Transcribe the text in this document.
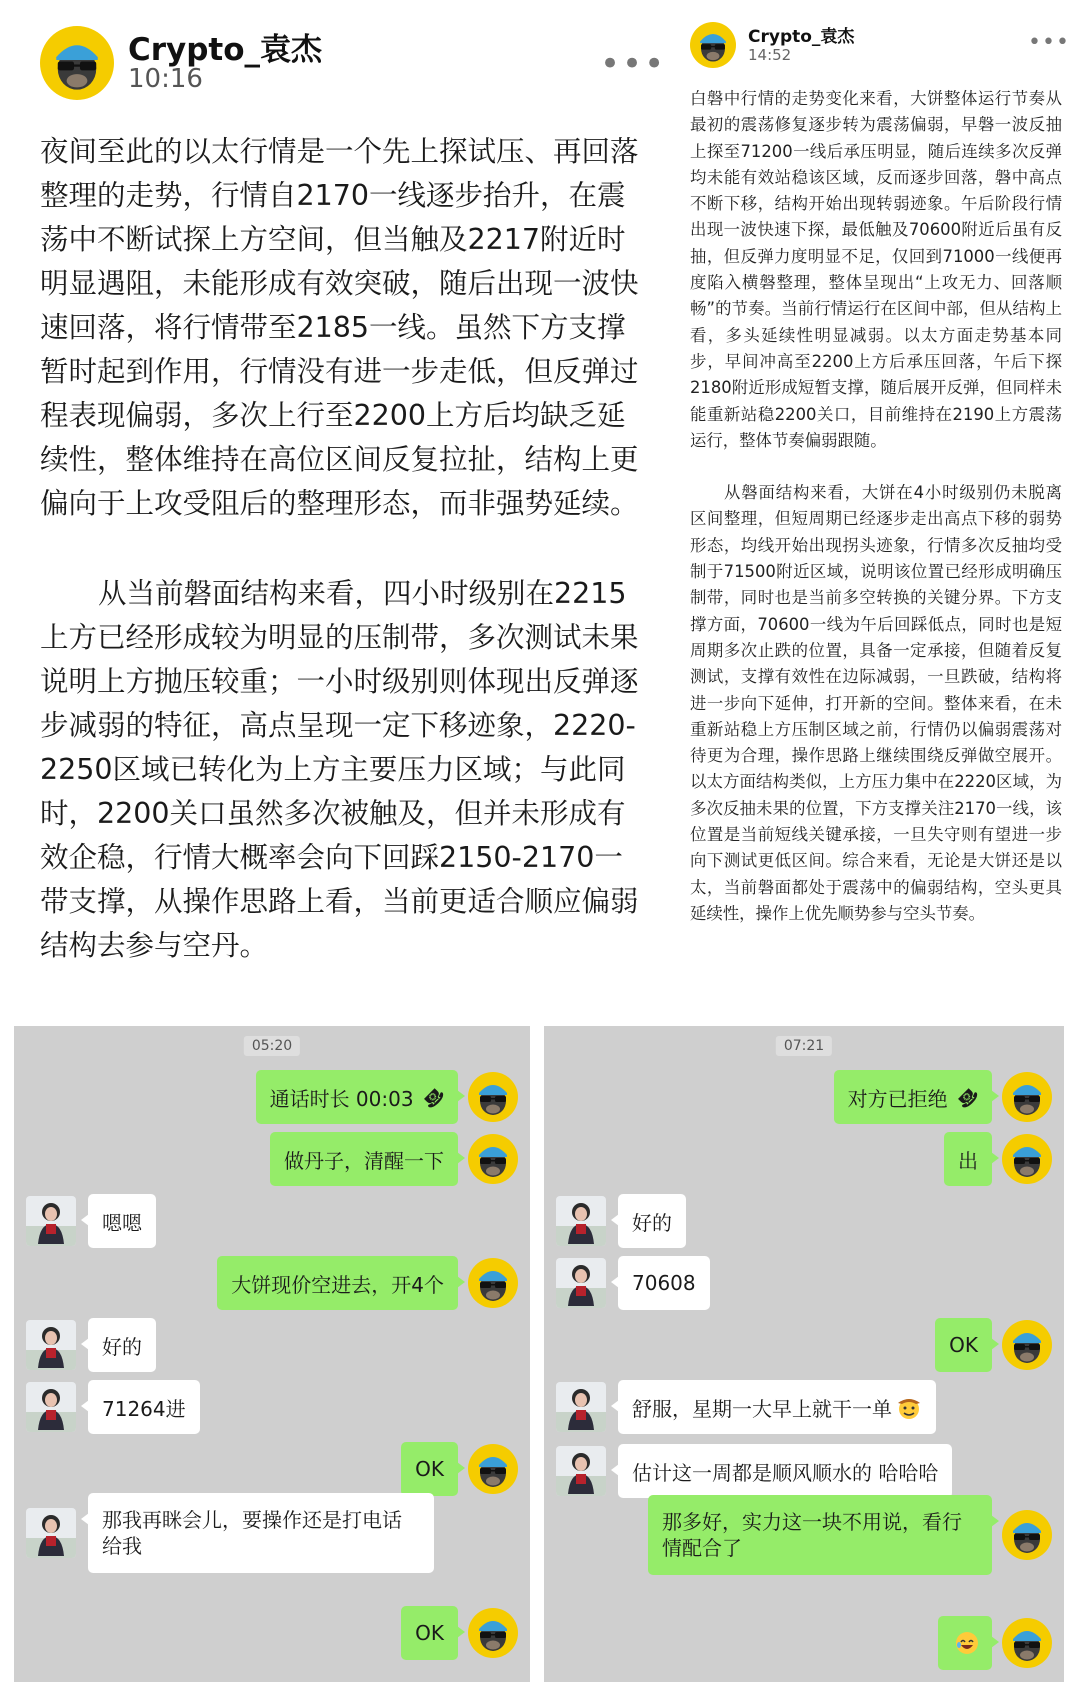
Crypto_袁杰
10:16	•••

夜间至此的以太行情是一个先上探试压、再回落整理的走势，行情自2170一线逐步抬升，在震荡中不断试探上方空间，但当触及2217附近时明显遇阻，未能形成有效突破，随后出现一波快速回落，将行情带至2185一线。虽然下方支撑暂时起到作用，行情没有进一步走低，但反弹过程表现偏弱，多次上行至2200上方后均缺乏延续性，整体维持在高位区间反复拉扯，结构上更偏向于上攻受阻后的整理形态，而非强势延续。

从当前磐面结构来看，四小时级别在2215上方已经形成较为明显的压制带，多次测试未果说明上方抛压较重；一小时级别则体现出反弹逐步减弱的特征，高点呈现一定下移迹象，2220-2250区域已转化为上方主要压力区域；与此同时，2200关口虽然多次被触及，但并未形成有效企稳，行情大概率会向下回踩2150-2170一带支撑，从操作思路上看，当前更适合顺应偏弱结构去参与空丹。

Crypto_袁杰
14:52	•••

白磐中行情的走势变化来看，大饼整体运行节奏从最初的震荡修复逐步转为震荡偏弱，早磐一波反抽上探至71200一线后承压明显，随后连续多次反弹均未能有效站稳该区域，反而逐步回落，磐中高点不断下移，结构开始出现转弱迹象。午后阶段行情出现一波快速下探，最低触及70600附近后虽有反抽，但反弹力度明显不足，仅回到71000一线便再度陷入横磐整理，整体呈现出“上攻无力、回落顺畅”的节奏。当前行情运行在区间中部，但从结构上看，多头延续性明显减弱。以太方面走势基本同步，早间冲高至2200上方后承压回落，午后下探2180附近形成短暂支撑，随后展开反弹，但同样未能重新站稳2200关口，目前维持在2190上方震荡运行，整体节奏偏弱跟随。

从磐面结构来看，大饼在4小时级别仍未脱离区间整理，但短周期已经逐步走出高点下移的弱势形态，均线开始出现拐头迹象，行情多次反抽均受制于71500附近区域，说明该位置已经形成明确压制带，同时也是当前多空转换的关键分界。下方支撑方面，70600一线为午后回踩低点，同时也是短周期多次止跌的位置，具备一定承接，但随着反复测试，支撑有效性在边际减弱，一旦跌破，结构将进一步向下延伸，打开新的空间。整体来看，在未重新站稳上方压制区域之前，行情仍以偏弱震荡对待更为合理，操作思路上继续围绕反弹做空展开。以太方面结构类似，上方压力集中在2220区域，为多次反抽未果的位置，下方支撑关注2170一线，该位置是当前短线关键承接，一旦失守则有望进一步向下测试更低区间。综合来看，无论是大饼还是以太，当前磐面都处于震荡中的偏弱结构，空头更具延续性，操作上优先顺势参与空头节奏。

05:20
通话时长 00:03 ☎
做丹子，清醒一下
嗯嗯
大饼现价空进去，开4个
好的
71264进
OK
那我再眯会儿，要操作还是打电话给我
OK
07:21
对方已拒绝 ☎
出
好的
70608
OK
舒服，星期一大早上就干一单
估计这一周都是顺风顺水的 哈哈哈
那多好，实力这一块不用说，看行情配合了
